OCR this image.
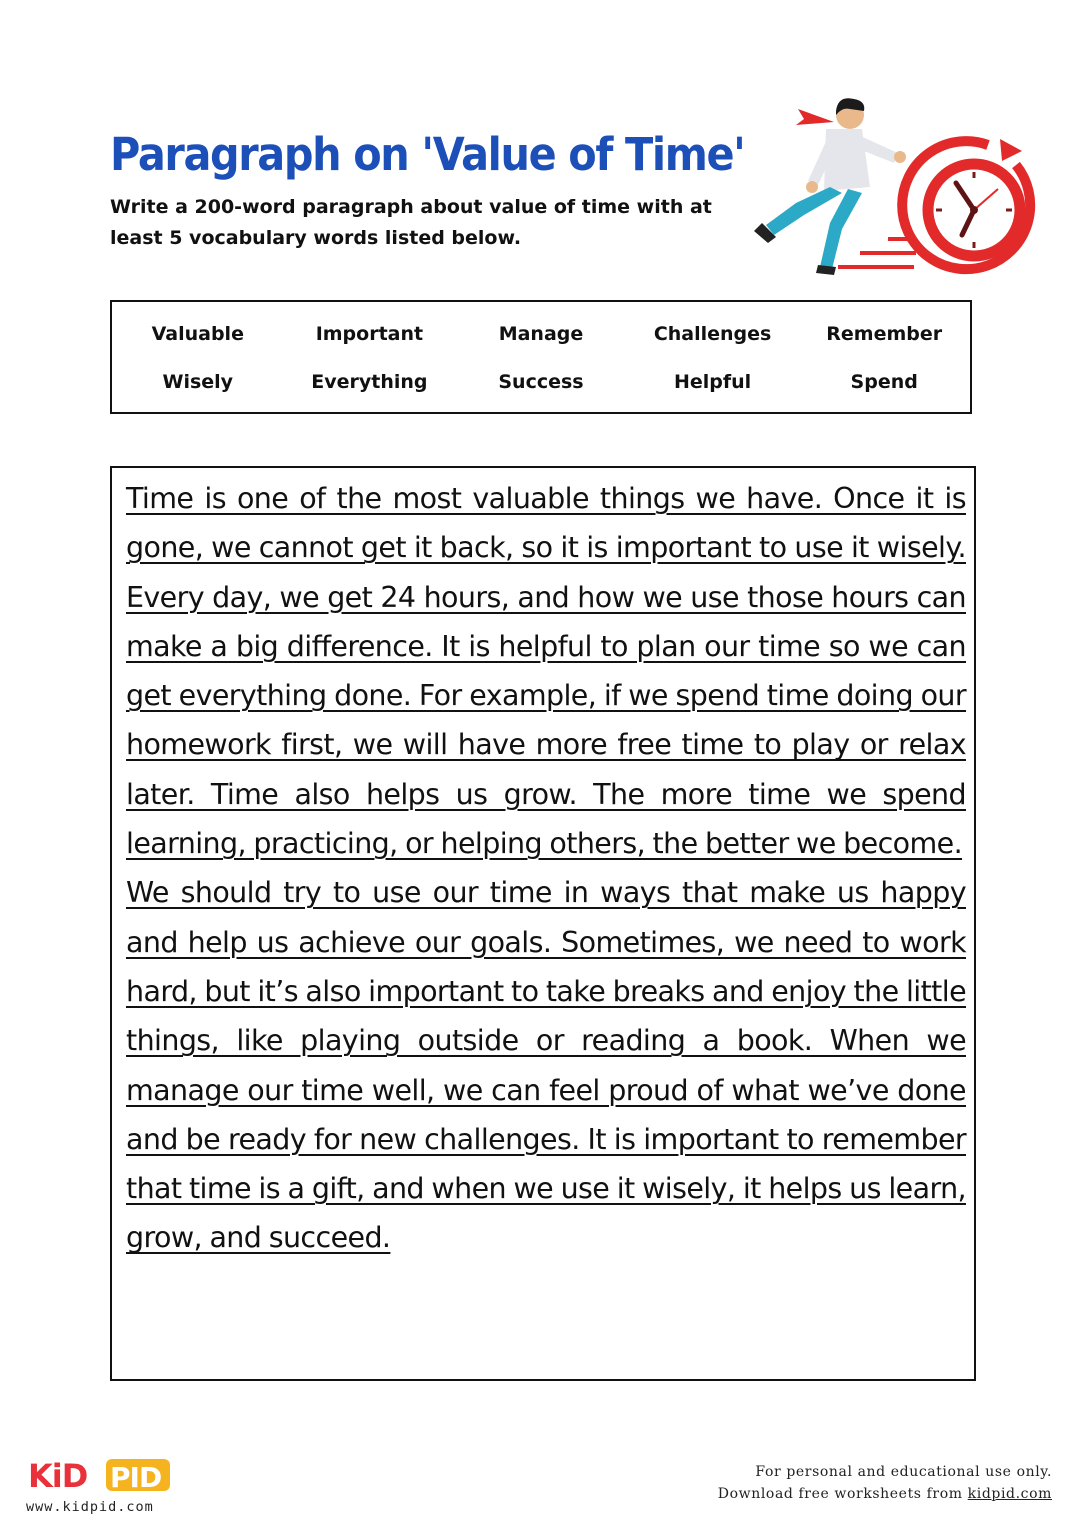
Paragraph on 'Value of Time'

Write a 200-word paragraph about value of time with at least 5 vocabulary words listed below.

Valuable	Important	Manage	Challenges	Remember
Wisely	Everything	Success	Helpful	Spend
Time is one of the most valuable things we have. Once it is gone, we cannot get it back, so it is important to use it wisely. Every day, we get 24 hours, and how we use those hours can make a big difference. It is helpful to plan our time so we can get everything done. For example, if we spend time doing our homework first, we will have more free time to play or relax later. Time also helps us grow. The more time we spend learning, practicing, or helping others, the better we become.
We should try to use our time in ways that make us happy and help us achieve our goals. Sometimes, we need to work hard, but it’s also important to take breaks and enjoy the little things, like playing outside or reading a book. When we manage our time well, we can feel proud of what we’ve done and be ready for new challenges. It is important to remember that time is a gift, and when we use it wisely, it helps us learn, grow, and succeed.
KiD PID

www.kidpid.com

For personal and educational use only.
Download free worksheets from kidpid.com
